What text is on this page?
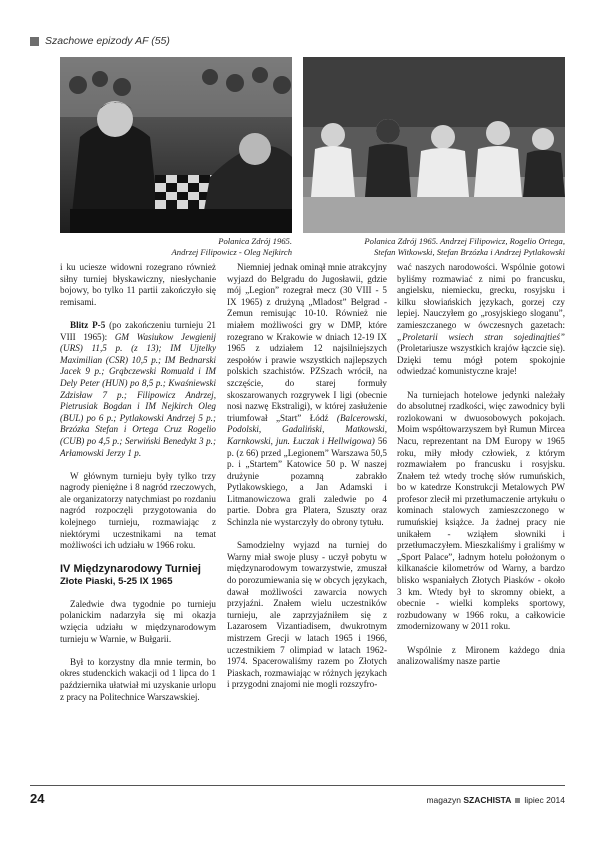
Szachowe epizody AF (55)
Polanica Zdrój 1965.
Andrzej Filipowicz - Oleg Nejkirch
Polanica Zdrój 1965. Andrzej Filipowicz, Rogelio Ortega,
Stefan Witkowski, Stefan Brzózka i Andrzej Pytlakowski

i ku uciesze widowni rozegrano również siłny turniej błyskawiczny, niesłychanie bojowy, bo tylko 11 partii zakończyło się remisami.

Blitz P-5 (po zakończeniu turnieju 21 VIII 1965): GM Wasiukow Jewgienij (URS) 11,5 p. (z 13); IM Ujtelky Maximilian (CSR) 10,5 p.; IM Bednarski Jacek 9 p.; Grąbczewski Romuald i IM Dely Peter (HUN) po 8,5 p.; Kwaśniewski Zdzisław 7 p.; Filipowicz Andrzej, Pietrusiak Bogdan i IM Nejkirch Oleg (BUL) po 6 p.; Pytlakowski Andrzej 5 p.; Brzózka Stefan i Ortega Cruz Rogelio (CUB) po 4,5 p.; Serwiński Benedykt 3 p.; Arłamowski Jerzy 1 p.

W głównym turnieju były tylko trzy nagrody pieniężne i 8 nagród rzeczowych, ale organizatorzy natychmiast po rozdaniu nagród rozpoczęli przygotowania do kolejnego turnieju, rozmawiając z niektórymi uczestnikami na temat możliwości ich udziału w 1966 roku.

IV Międzynarodowy Turniej
Złote Piaski, 5-25 IX 1965

Zaledwie dwa tygodnie po turnieju polanickim nadarzyła się mi okazja wzięcia udziału w międzynarodowym turnieju w Warnie, w Bułgarii.

Był to korzystny dla mnie termin, bo okres studenckich wakacji od 1 lipca do 1 października ułatwiał mi uzyskanie urlopu z pracy na Politechnice Warszawskiej.

Niemniej jednak ominął mnie atrakcyjny wyjazd do Belgradu do Jugosławii, gdzie mój „Legion” rozegrał mecz (30 VIII - 5 IX 1965) z drużyną „Mladost” Belgrad - Zemun remisując 10-10. Również nie miałem możliwości gry w DMP, które rozegrano w Krakowie w dniach 12-19 IX 1965 z udziałem 12 najsilniejszych zespołów i prawie wszystkich najlepszych polskich szachistów. PZSzach wrócił, na szczęście, do starej formuły skoszarowanych rozgrywek I ligi (obecnie nosi nazwę Ekstraligi), w której zasłużenie triumfował „Start” Łódź (Balcerowski, Podolski, Gadaliński, Matkowski, Karnkowski, jun. Łuczak i Hellwigowa) 56 p. (z 66) przed „Legionem” Warszawa 50,5 p. i „Startem” Katowice 50 p. W naszej drużynie pozamną zabrakło Pytlakowskiego, a Jan Adamski i Litmanowiczowa grali zaledwie po 4 partie. Dobra gra Platera, Szuszty oraz Schinzla nie wystarczyły do obrony tytułu.

Samodzielny wyjazd na turniej do Warny miał swoje plusy - uczył pobytu w międzynarodowym towarzystwie, zmuszał do porozumiewania się w obcych językach, dawał możliwości zawarcia nowych przyjaźni. Znałem wielu uczestników turnieju, ale zaprzyjaźniłem się z Lazarosem Vizantiadisem, dwukrotnym mistrzem Grecji w latach 1965 i 1966, uczestnikiem 7 olimpiad w latach 1962-1974. Spacerowaliśmy razem po Złotych Piaskach, rozmawiając w różnych językach i przygodni znajomi nie mogli rozszyfro-

wać naszych narodowości. Wspólnie gotowi byliśmy rozmawiać z nimi po francusku, angielsku, niemiecku, grecku, rosyjsku i kilku słowiańskich językach, gorzej czy lepiej. Nauczyłem go „rosyjskiego sloganu”, zamieszczanego w ówczesnych gazetach: „Proletarii wsiech stran sojedinajtieś” (Proletariusze wszystkich krajów łączcie się). Dzięki temu mógł potem spokojnie odwiedzać komunistyczne kraje!

Na turniejach hotelowe jedynki należały do absolutnej rzadkości, więc zawodnicy byli rozlokowani w dwuosobowych pokojach. Moim współtowarzyszem był Rumun Mircea Nacu, reprezentant na DM Europy w 1965 roku, miły młody człowiek, z którym rozmawiałem po francusku i rosyjsku. Znałem też wtedy trochę słów rumuńskich, bo w katedrze Konstrukcji Metalowych PW profesor zlecił mi przetłumaczenie artykułu o kominach stalowych zamieszczonego w rumuńskiej książce. Ja żadnej pracy nie unikałem - wziąłem słowniki i przetłumaczyłem. Mieszkaliśmy i graliśmy w „Sport Palace”, ładnym hotelu położonym o kilkanaście kilometrów od Warny, a bardzo blisko wspaniałych Złotych Piasków - około 3 km. Wtedy był to skromny obiekt, a obecnie - wielki kompleks sportowy, rozbudowany w 1966 roku, a całkowicie zmodernizowany w 2011 roku.

Wspólnie z Mironem każdego dnia analizowaliśmy nasze partie

24	magazyn SZACHISTA lipiec 2014
